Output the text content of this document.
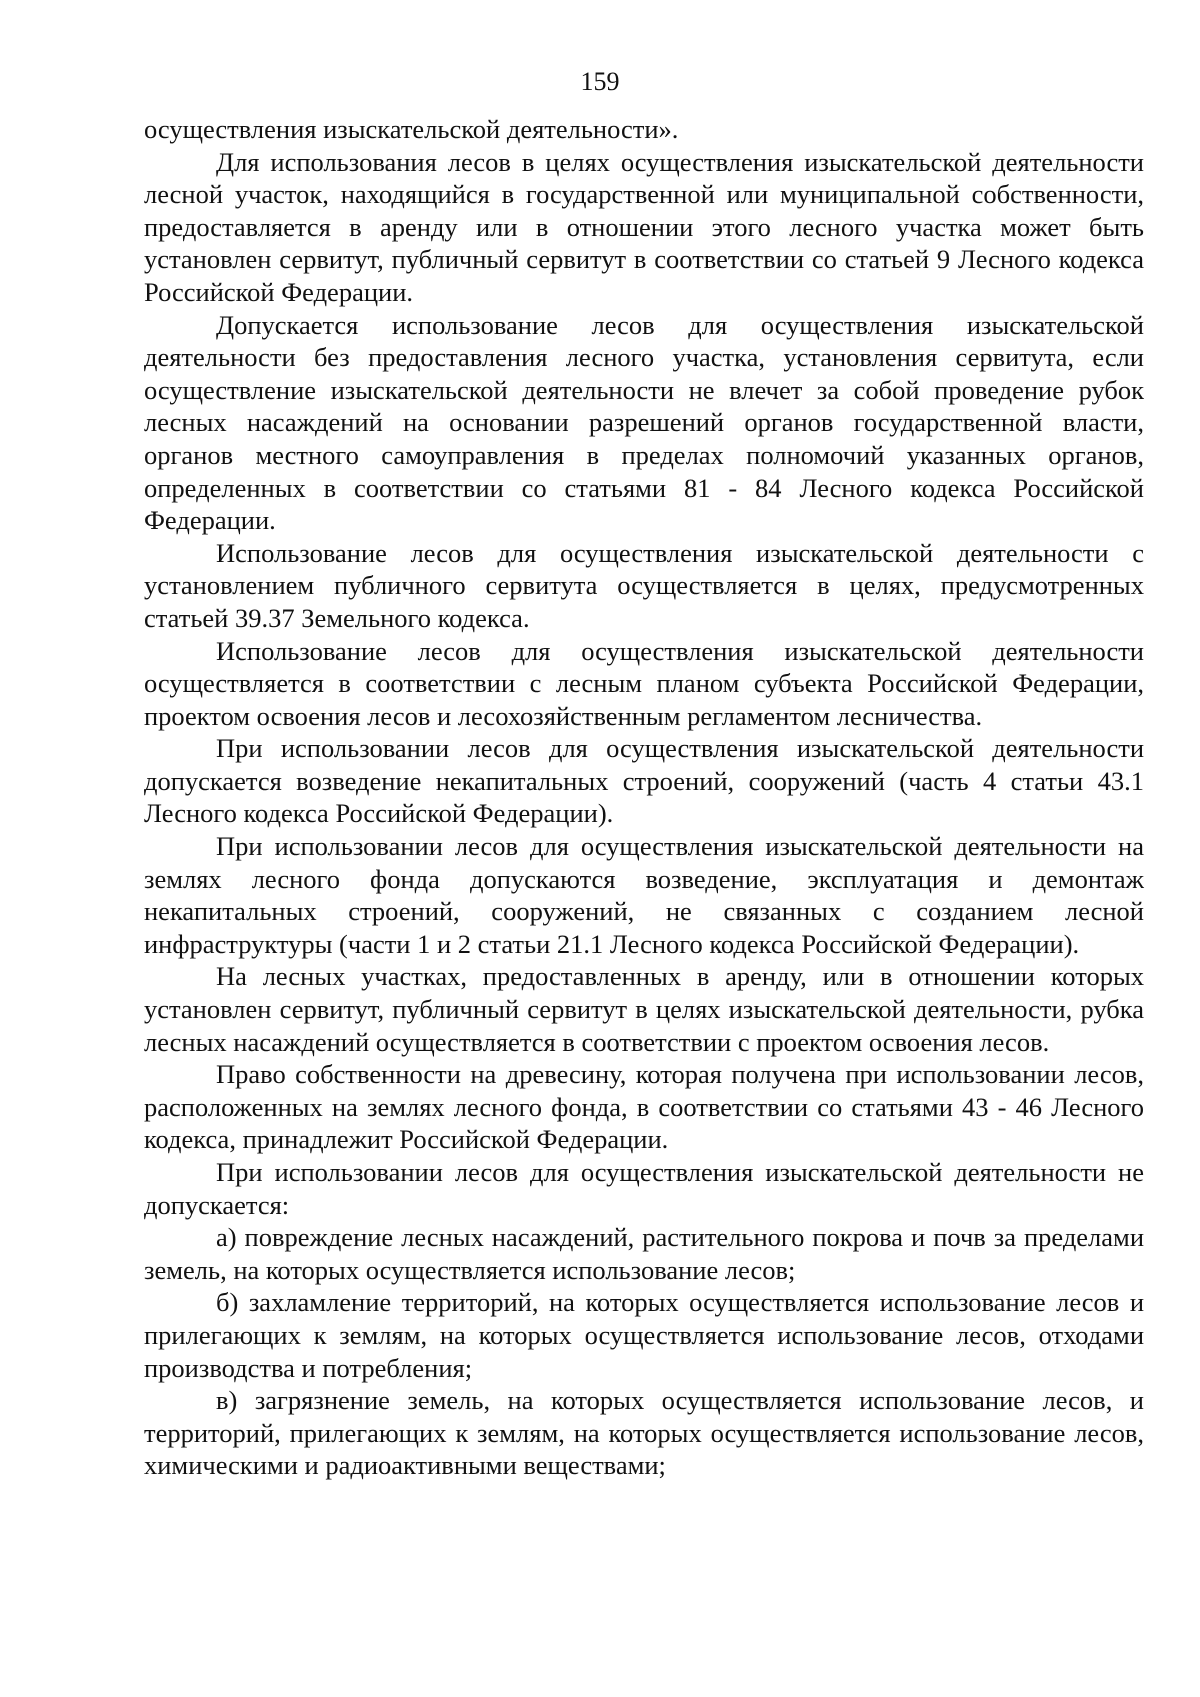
159

осуществления изыскательской деятельности».

Для использования лесов в целях осуществления изыскательской деятельности лесной участок, находящийся в государственной или муниципальной собственности, предоставляется в аренду или в отношении этого лесного участка может быть установлен сервитут, публичный сервитут в соответствии со статьей 9 Лесного кодекса Российской Федерации.

Допускается использование лесов для осуществления изыскательской деятельности без предоставления лесного участка, установления сервитута, если осуществление изыскательской деятельности не влечет за собой проведение рубок лесных насаждений на основании разрешений органов государственной власти, органов местного самоуправления в пределах полномочий указанных органов, определенных в соответствии со статьями 81 - 84 Лесного кодекса Российской Федерации.

Использование лесов для осуществления изыскательской деятельности с установлением публичного сервитута осуществляется в целях, предусмотренных статьей 39.37 Земельного кодекса.

Использование лесов для осуществления изыскательской деятельности осуществляется в соответствии с лесным планом субъекта Российской Федерации, проектом освоения лесов и лесохозяйственным регламентом лесничества.

При использовании лесов для осуществления изыскательской деятельности допускается возведение некапитальных строений, сооружений (часть 4 статьи 43.1 Лесного кодекса Российской Федерации).

При использовании лесов для осуществления изыскательской деятельности на землях лесного фонда допускаются возведение, эксплуатация и демонтаж некапитальных строений, сооружений, не связанных с созданием лесной инфраструктуры (части 1 и 2 статьи 21.1 Лесного кодекса Российской Федерации).

На лесных участках, предоставленных в аренду, или в отношении которых установлен сервитут, публичный сервитут в целях изыскательской деятельности, рубка лесных насаждений осуществляется в соответствии с проектом освоения лесов.

Право собственности на древесину, которая получена при использовании лесов, расположенных на землях лесного фонда, в соответствии со статьями 43 - 46 Лесного кодекса, принадлежит Российской Федерации.

При использовании лесов для осуществления изыскательской деятельности не допускается:

а) повреждение лесных насаждений, растительного покрова и почв за пределами земель, на которых осуществляется использование лесов;

б) захламление территорий, на которых осуществляется использование лесов и прилегающих к землям, на которых осуществляется использование лесов, отходами производства и потребления;

в) загрязнение земель, на которых осуществляется использование лесов, и территорий, прилегающих к землям, на которых осуществляется использование лесов, химическими и радиоактивными веществами;
